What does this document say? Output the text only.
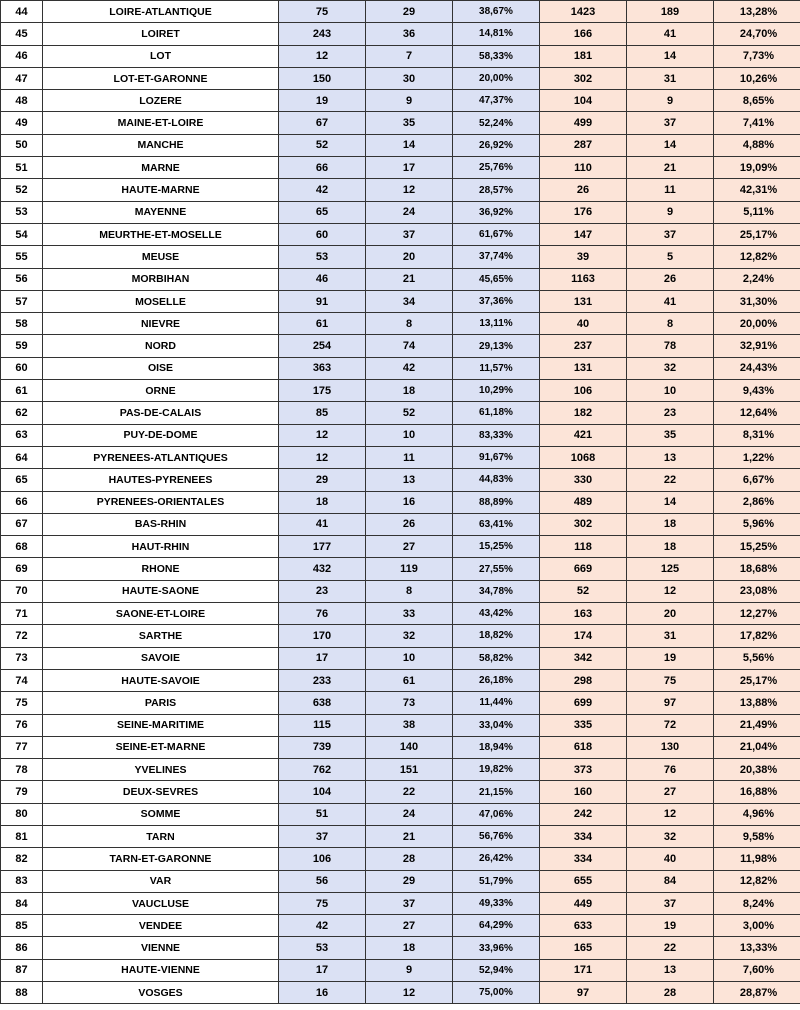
44	LOIRE-ATLANTIQUE	75	29	38,67%	1423	189	13,28%
45	LOIRET	243	36	14,81%	166	41	24,70%
46	LOT	12	7	58,33%	181	14	7,73%
47	LOT-ET-GARONNE	150	30	20,00%	302	31	10,26%
48	LOZERE	19	9	47,37%	104	9	8,65%
49	MAINE-ET-LOIRE	67	35	52,24%	499	37	7,41%
50	MANCHE	52	14	26,92%	287	14	4,88%
51	MARNE	66	17	25,76%	110	21	19,09%
52	HAUTE-MARNE	42	12	28,57%	26	11	42,31%
53	MAYENNE	65	24	36,92%	176	9	5,11%
54	MEURTHE-ET-MOSELLE	60	37	61,67%	147	37	25,17%
55	MEUSE	53	20	37,74%	39	5	12,82%
56	MORBIHAN	46	21	45,65%	1163	26	2,24%
57	MOSELLE	91	34	37,36%	131	41	31,30%
58	NIEVRE	61	8	13,11%	40	8	20,00%
59	NORD	254	74	29,13%	237	78	32,91%
60	OISE	363	42	11,57%	131	32	24,43%
61	ORNE	175	18	10,29%	106	10	9,43%
62	PAS-DE-CALAIS	85	52	61,18%	182	23	12,64%
63	PUY-DE-DOME	12	10	83,33%	421	35	8,31%
64	PYRENEES-ATLANTIQUES	12	11	91,67%	1068	13	1,22%
65	HAUTES-PYRENEES	29	13	44,83%	330	22	6,67%
66	PYRENEES-ORIENTALES	18	16	88,89%	489	14	2,86%
67	BAS-RHIN	41	26	63,41%	302	18	5,96%
68	HAUT-RHIN	177	27	15,25%	118	18	15,25%
69	RHONE	432	119	27,55%	669	125	18,68%
70	HAUTE-SAONE	23	8	34,78%	52	12	23,08%
71	SAONE-ET-LOIRE	76	33	43,42%	163	20	12,27%
72	SARTHE	170	32	18,82%	174	31	17,82%
73	SAVOIE	17	10	58,82%	342	19	5,56%
74	HAUTE-SAVOIE	233	61	26,18%	298	75	25,17%
75	PARIS	638	73	11,44%	699	97	13,88%
76	SEINE-MARITIME	115	38	33,04%	335	72	21,49%
77	SEINE-ET-MARNE	739	140	18,94%	618	130	21,04%
78	YVELINES	762	151	19,82%	373	76	20,38%
79	DEUX-SEVRES	104	22	21,15%	160	27	16,88%
80	SOMME	51	24	47,06%	242	12	4,96%
81	TARN	37	21	56,76%	334	32	9,58%
82	TARN-ET-GARONNE	106	28	26,42%	334	40	11,98%
83	VAR	56	29	51,79%	655	84	12,82%
84	VAUCLUSE	75	37	49,33%	449	37	8,24%
85	VENDEE	42	27	64,29%	633	19	3,00%
86	VIENNE	53	18	33,96%	165	22	13,33%
87	HAUTE-VIENNE	17	9	52,94%	171	13	7,60%
88	VOSGES	16	12	75,00%	97	28	28,87%
